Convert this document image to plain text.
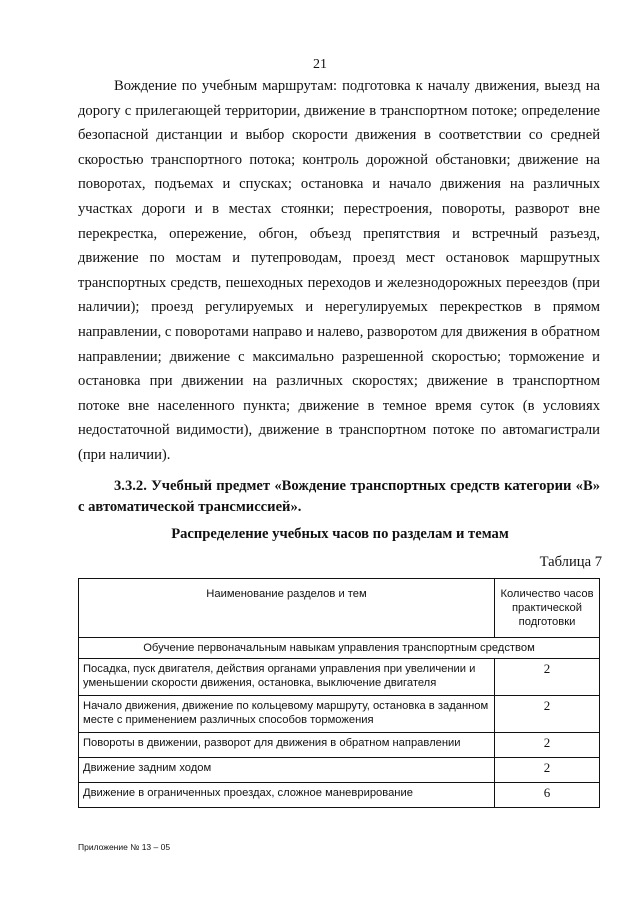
21

Вождение по учебным маршрутам: подготовка к началу движения, выезд на дорогу с прилегающей территории, движение в транспортном потоке; определение безопасной дистанции и выбор скорости движения в соответствии со средней скоростью транспортного потока; контроль дорожной обстановки; движение на поворотах, подъемах и спусках; остановка и начало движения на различных участках дороги и в местах стоянки; перестроения, повороты, разворот вне перекрестка, опережение, обгон, объезд препятствия и встречный разъезд, движение по мостам и путепроводам, проезд мест остановок маршрутных транспортных средств, пешеходных переходов и железнодорожных переездов (при наличии); проезд регулируемых и нерегулируемых перекрестков в прямом направлении, с поворотами направо и налево, разворотом для движения в обратном направлении; движение с максимально разрешенной скоростью; торможение и остановка при движении на различных скоростях; движение в транспортном потоке вне населенного пункта; движение в темное время суток (в условиях недостаточной видимости), движение в транспортном потоке по автомагистрали (при наличии).

3.3.2. Учебный предмет «Вождение транспортных средств категории «В» с автоматической трансмиссией».

Распределение учебных часов по разделам и темам

Таблица 7
Наименование разделов и тем	Количество часов практической подготовки
Обучение первоначальным навыкам управления транспортным средством	
Посадка, пуск двигателя, действия органами управления при увеличении и уменьшении скорости движения, остановка, выключение двигателя	2
Начало движения, движение по кольцевому маршруту, остановка в заданном месте с применением различных способов торможения	2
Повороты в движении, разворот для движения в обратном направлении	2
Движение задним ходом	2
Движение в ограниченных проездах, сложное маневрирование	6
Приложение № 13 – 05
